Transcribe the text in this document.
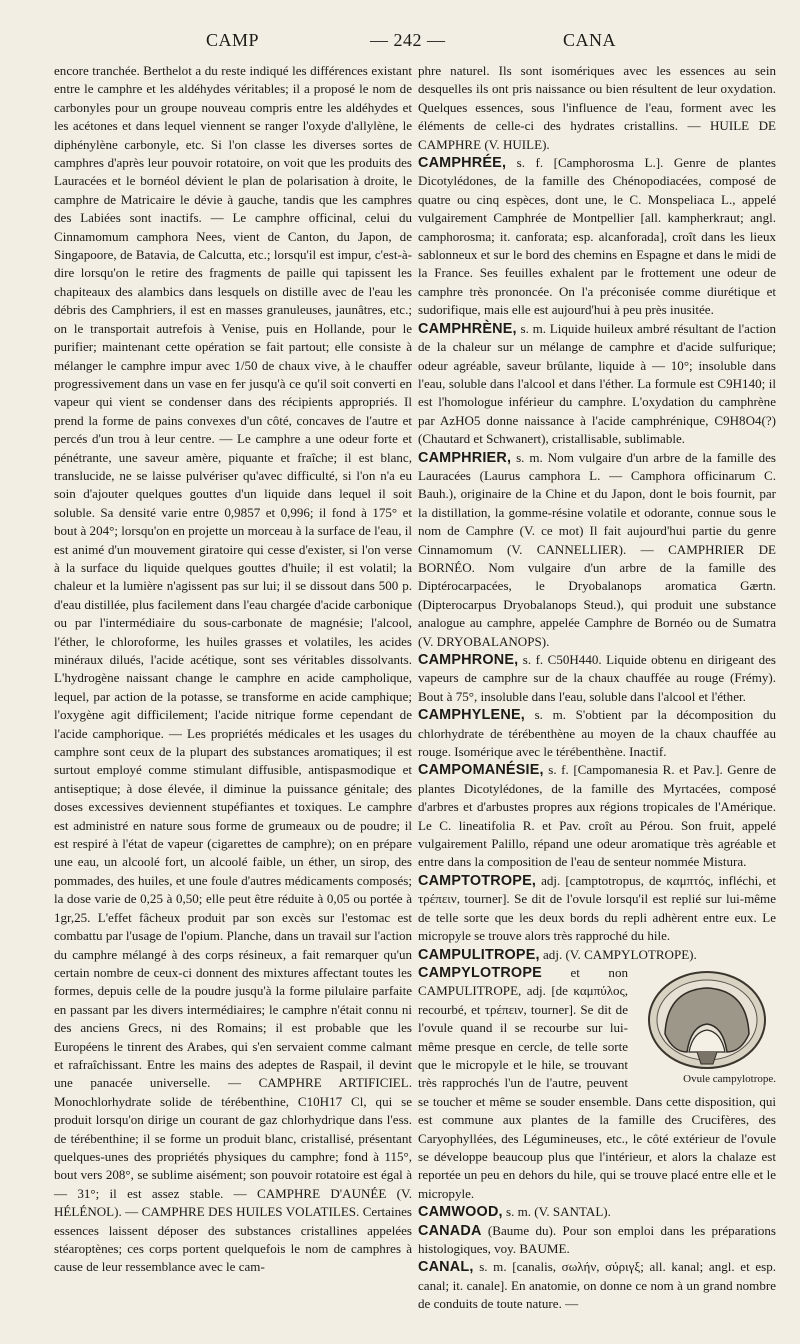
CAMP	— 242 —	CANA

encore tranchée. Berthelot a du reste indiqué les différences existant entre le camphre et les aldéhydes véritables; il a proposé le nom de carbonyles pour un groupe nouveau compris entre les aldéhydes et les acétones et dans lequel viennent se ranger l'oxyde d'allylène, le diphénylène carbonyle, etc. Si l'on classe les diverses sortes de camphres d'après leur pouvoir rotatoire, on voit que les produits des Lauracées et le bornéol dévient le plan de polarisation à droite, le camphre de Matricaire le dévie à gauche, tandis que les camphres des Labiées sont inactifs. — Le camphre officinal, celui du Cinnamomum camphora Nees, vient de Canton, du Japon, de Singapoore, de Batavia, de Calcutta, etc.; lorsqu'il est impur, c'est-à-dire lorsqu'on le retire des fragments de paille qui tapissent les chapiteaux des alambics dans lesquels on distille avec de l'eau les débris des Camphriers, il est en masses granuleuses, jaunâtres, etc.; on le transportait autrefois à Venise, puis en Hollande, pour le purifier; maintenant cette opération se fait partout; elle consiste à mélanger le camphre impur avec 1/50 de chaux vive, à le chauffer progressivement dans un vase en fer jusqu'à ce qu'il soit converti en vapeur qui vient se condenser dans des récipients appropriés. Il prend la forme de pains convexes d'un côté, concaves de l'autre et percés d'un trou à leur centre. — Le camphre a une odeur forte et pénétrante, une saveur amère, piquante et fraîche; il est blanc, translucide, ne se laisse pulvériser qu'avec difficulté, si l'on n'a eu soin d'ajouter quelques gouttes d'un liquide dans lequel il soit soluble. Sa densité varie entre 0,9857 et 0,996; il fond à 175° et bout à 204°; lorsqu'on en projette un morceau à la surface de l'eau, il est animé d'un mouvement giratoire qui cesse d'exister, si l'on verse à la surface du liquide quelques gouttes d'huile; il est volatil; la chaleur et la lumière n'agissent pas sur lui; il se dissout dans 500 p. d'eau distillée, plus facilement dans l'eau chargée d'acide carbonique ou par l'intermédiaire du sous-carbonate de magnésie; l'alcool, l'éther, le chloroforme, les huiles grasses et volatiles, les acides minéraux dilués, l'acide acétique, sont ses véritables dissolvants. L'hydrogène naissant change le camphre en acide campholique, lequel, par action de la potasse, se transforme en acide camphique; l'oxygène agit difficilement; l'acide nitrique forme cependant de l'acide camphorique. — Les propriétés médicales et les usages du camphre sont ceux de la plupart des substances aromatiques; il est surtout employé comme stimulant diffusible, antispasmodique et antiseptique; à dose élevée, il diminue la puissance génitale; des doses excessives deviennent stupéfiantes et toxiques. Le camphre est administré en nature sous forme de grumeaux ou de poudre; il est respiré à l'état de vapeur (cigarettes de camphre); on en prépare une eau, un alcoolé fort, un alcoolé faible, un éther, un sirop, des pommades, des huiles, et une foule d'autres médicaments composés; la dose varie de 0,25 à 0,50; elle peut être réduite à 0,05 ou portée à 1gr,25. L'effet fâcheux produit par son excès sur l'estomac est combattu par l'usage de l'opium. Planche, dans un travail sur l'action du camphre mélangé à des corps résineux, a fait remarquer qu'un certain nombre de ceux-ci donnent des mixtures affectant toutes les formes, depuis celle de la poudre jusqu'à la forme pilulaire parfaite en passant par les divers intermédiaires; le camphre n'était connu ni des anciens Grecs, ni des Romains; il est probable que les Européens le tinrent des Arabes, qui s'en servaient comme calmant et rafraîchissant. Entre les mains des adeptes de Raspail, il devint une panacée universelle. — CAMPHRE ARTIFICIEL. Monochlorhydrate solide de térébenthine, C10H17 Cl, qui se produit lorsqu'on dirige un courant de gaz chlorhydrique dans l'ess. de térébenthine; il se forme un produit blanc, cristallisé, présentant quelques-unes des propriétés physiques du camphre; fond à 115°, bout vers 208°, se sublime aisément; son pouvoir rotatoire est égal à — 31°; il est assez stable. — CAMPHRE D'AUNÉE (V. HÉLÉNOL). — CAMPHRE DES HUILES VOLATILES. Certaines essences laissent déposer des substances cristallines appelées stéaroptènes; ces corps portent quelquefois le nom de camphres à cause de leur ressemblance avec le cam-

phre naturel. Ils sont isomériques avec les essences au sein desquelles ils ont pris naissance ou bien résultent de leur oxydation. Quelques essences, sous l'influence de l'eau, forment avec les éléments de celle-ci des hydrates cristallins. — HUILE DE CAMPHRE (V. HUILE).

CAMPHRÉE, s. f. [Camphorosma L.]. Genre de plantes Dicotylédones, de la famille des Chénopodiacées, composé de quatre ou cinq espèces, dont une, le C. Monspeliaca L., appelé vulgairement Camphrée de Montpellier [all. kampherkraut; angl. camphorosma; it. canforata; esp. alcanforada], croît dans les lieux sablonneux et sur le bord des chemins en Espagne et dans le midi de la France. Ses feuilles exhalent par le frottement une odeur de camphre très prononcée. On l'a préconisée comme diurétique et sudorifique, mais elle est aujourd'hui à peu près inusitée.

CAMPHRÈNE, s. m. Liquide huileux ambré résultant de l'action de la chaleur sur un mélange de camphre et d'acide sulfurique; odeur agréable, saveur brûlante, liquide à — 10°; insoluble dans l'eau, soluble dans l'alcool et dans l'éther. La formule est C9H140; il est l'homologue inférieur du camphre. L'oxydation du camphrène par AzHO5 donne naissance à l'acide camphrénique, C9H8O4(?) (Chautard et Schwanert), cristallisable, sublimable.

CAMPHRIER, s. m. Nom vulgaire d'un arbre de la famille des Lauracées (Laurus camphora L. — Camphora officinarum C. Bauh.), originaire de la Chine et du Japon, dont le bois fournit, par la distillation, la gomme-résine volatile et odorante, connue sous le nom de Camphre (V. ce mot) Il fait aujourd'hui partie du genre Cinnamomum (V. CANNELLIER). — CAMPHRIER DE BORNÉO. Nom vulgaire d'un arbre de la famille des Diptérocarpacées, le Dryobalanops aromatica Gærtn. (Dipterocarpus Dryobalanops Steud.), qui produit une substance analogue au camphre, appelée Camphre de Bornéo ou de Sumatra (V. DRYOBALANOPS).

CAMPHRONE, s. f. C50H440. Liquide obtenu en dirigeant des vapeurs de camphre sur de la chaux chauffée au rouge (Frémy). Bout à 75°, insoluble dans l'eau, soluble dans l'alcool et l'éther.

CAMPHYLENE, s. m. S'obtient par la décomposition du chlorhydrate de térébenthène au moyen de la chaux chauffée au rouge. Isomérique avec le térébenthène. Inactif.

CAMPOMANÉSIE, s. f. [Campomanesia R. et Pav.]. Genre de plantes Dicotylédones, de la famille des Myrtacées, composé d'arbres et d'arbustes propres aux régions tropicales de l'Amérique. Le C. lineatifolia R. et Pav. croît au Pérou. Son fruit, appelé vulgairement Palillo, répand une odeur aromatique très agréable et entre dans la composition de l'eau de senteur nommée Mistura.

CAMPTOTROPE, adj. [camptotropus, de καμπτός, infléchi, et τρέπειν, tourner]. Se dit de l'ovule lorsqu'il est replié sur lui-même de telle sorte que les deux bords du repli adhèrent entre eux. Le micropyle se trouve alors très rapproché du hile.

CAMPULITROPE, adj. (V. CAMPYLOTROPE).

Ovule campylotrope.
CAMPYLOTROPE et non CAMPULITROPE, adj. [de καμπύλος, recourbé, et τρέπειν, tourner]. Se dit de l'ovule quand il se recourbe sur lui-même presque en cercle, de telle sorte que le micropyle et le hile, se trouvant très rapprochés l'un de l'autre, peuvent se toucher et même se souder ensemble. Dans cette disposition, qui est commune aux plantes de la famille des Crucifères, des Caryophyllées, des Légumineuses, etc., le côté extérieur de l'ovule se développe beaucoup plus que l'intérieur, et alors la chalaze est reportée un peu en dehors du hile, qui se trouve placé entre elle et le micropyle.

CAMWOOD, s. m. (V. SANTAL).

CANADA (Baume du). Pour son emploi dans les préparations histologiques, voy. BAUME.

CANAL, s. m. [canalis, σωλήν, σύριγξ; all. kanal; angl. et esp. canal; it. canale]. En anatomie, on donne ce nom à un grand nombre de conduits de toute nature. —
